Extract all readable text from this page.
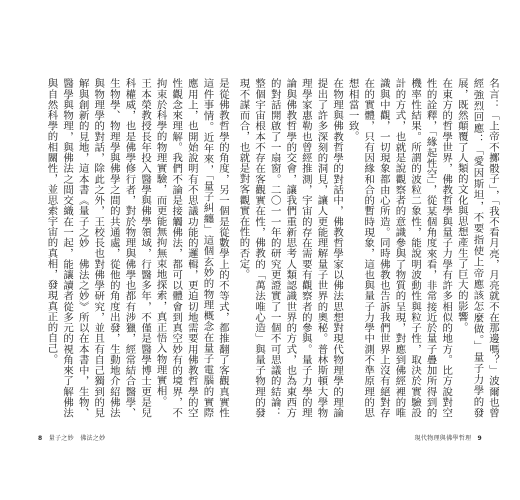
是從佛教哲學的角度，另一個是從數學上的不等式，都推翻了客觀真實性這件事情。近年來，「量子糾纏」這個玄妙的物理概念在量子電腦的實際應用上，也開始說明有不思議功能的邏輯，更迫切地需要用佛教哲學的空性觀念來理解。我們不論是接觸佛法，都可以體會到真空妙有的境界，不拘束於科學的物理實驗，而更能無拘無束地探索，真正悟入物理實相。

王本榮教授長年投入醫學與佛學領域，行醫多年，不僅是醫學博士更是兒科權威，也是佛學修行者，對於物理與佛學也都有涉獵，經常結合醫學、生物學、物理學與佛學之間的共通處，從他的角度出發，生動地介紹佛法與物理學的對話，除此之外，王校長也對佛學研究，並且有自己獨到的見解與創新的見地，這本書《量子之妙　佛法之妙》所以在本書中，生物、醫學與物理，與佛法之間交織在一起，能讓讀者從多元的視角來了解佛法與自然科學的相關性，並思索宇宙的真相，發現真正的自己。

8 量子之妙　佛法之妙

名言：「上帝不擲骰子」，「我不看月亮，月亮就不在那邊嗎？」波爾也曾經強烈回應：「愛因斯坦，不要指使上帝應該怎麼做。」量子力學的發展，既然顛覆了人類的文化與思想產生了巨大的影響。

在東方的哲學世界，佛教哲學與量子力學有許多相似的地方。比方說對空性的詮釋，「緣起性空」，從某個角度來看，非常接近於量子疊加所得到的機率性結果。所謂的波粒二象性，能說明波動性與粒子性，取決於實驗設計的方式，也就是說觀察者的意識參與了物質的呈現，對應到佛經裡的唯識與中觀，一切現象都由心所造。同時佛教也告訴我們世界上沒有絕對存在的實體，只有因緣和合的暫時現象，這也與量子力學中測不準原理的思想相當一致。

在物理與佛教哲學的對話中，佛教哲學家以佛法思想對現代物理學的理論提出了許多深刻的洞見，讓人更能理解量子世界的奧秘。普林斯頓大學物理學家惠勒也曾經推測，宇宙的存在需要有觀察者的參與。量子力學的理論與佛教哲學的交會，讓我們重新思考人類認識世界的方式，也為東西方的對話開啟了一扇窗。二〇一一年的研究更證實了一個不可思議的結論：整個宇宙根本不存在客觀實在性，佛教的「萬法唯心造」與量子物理的發現不謀而合，也就是對客觀實在性的否定。

現代物理與佛學哲理 9
